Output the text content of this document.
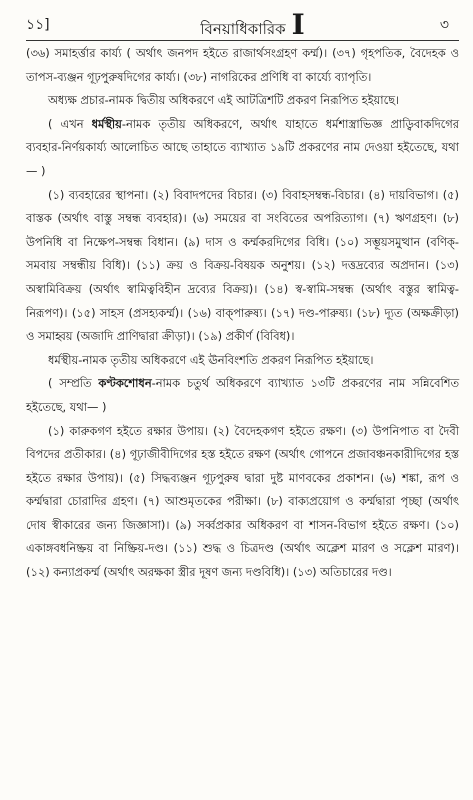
১১]	বিনয়াধিকারিক I	৩

(৩৬) সমাহর্ত্তার কার্য্য ( অর্থাৎ জনপদ হইতে রাজার্থসংগ্রহণ কর্ম্ম)। (৩৭) গৃহপতিক, বৈদেহক ও তাপস-ব্যঞ্জন গূঢ়পুরুষদিগের কার্য্য। (৩৮) নাগরিকের প্রণিধি বা কার্য্যে ব্যাপৃতি।

অধ্যক্ষ প্রচার-নামক দ্বিতীয় অধিকরণে এই আটত্রিশটি প্রকরণ নিরূপিত হইয়াছে।

( এখন ধর্মস্থীয়-নামক তৃতীয় অধিকরণে, অর্থাৎ যাহাতে ধর্মশাস্ত্রাভিজ্ঞ প্রাড্বিবাকদিগের ব্যবহার-নির্ণয়কার্য্য আলোচিত আছে তাহাতে ব্যাখ্যাত ১৯টি প্রকরণের নাম দেওয়া হইতেছে, যথা— )

(১) ব্যবহারের স্থাপনা। (২) বিবাদপদের বিচার। (৩) বিবাহসম্বন্ধ-বিচার। (৪) দায়বিভাগ। (৫) বাস্তক (অর্থাৎ বাস্তু সম্বন্ধ ব্যবহার)। (৬) সময়ের বা সংবিতের অপরিত্যাগ। (৭) ঋণগ্রহণ। (৮) উপনিধি বা নিক্ষেপ-সম্বন্ধ বিধান। (৯) দাস ও কর্ম্মকরদিগের বিধি। (১০) সম্ভূয়সমুত্থান (বণিক্-সমবায় সম্বন্ধীয় বিধি)। (১১) ক্রয় ও বিক্রয়-বিষয়ক অনুশয়। (১২) দত্তদ্রব্যের অপ্রদান। (১৩) অস্বামিবিক্রয় (অর্থাৎ স্বামিত্ববিহীন দ্রব্যের বিক্রয়)। (১৪) স্ব-স্বামি-সম্বন্ধ (অর্থাৎ বস্তুর স্বামিত্ব-নিরূপণ)। (১৫) সাহস (প্রসহ্যকর্ম্ম)। (১৬) বাক্পারুষ্য। (১৭) দণ্ড-পারুষ্য। (১৮) দ্যূত (অক্ষক্রীড়া) ও সমাহ্বয় (অজাদি প্রাণিদ্বারা ক্রীড়া)। (১৯) প্রকীর্ণ (বিবিধ)।

ধর্মস্থীয়-নামক তৃতীয় অধিকরণে এই ঊনবিংশতি প্রকরণ নিরূপিত হইয়াছে।

( সম্প্রতি কণ্টকশোধন-নামক চতুর্থ অধিকরণে ব্যাখ্যাত ১৩টি প্রকরণের নাম সন্নিবেশিত হইতেছে, যথা— )

(১) কারুকগণ হইতে রক্ষার উপায়। (২) বৈদেহকগণ হইতে রক্ষণ। (৩) উপনিপাত বা দৈবী বিপদের প্রতীকার। (৪) গূঢ়াজীবীদিগের হস্ত হইতে রক্ষণ (অর্থাৎ গোপনে প্রজাবঞ্চনকারীদিগের হস্ত হইতে রক্ষার উপায়)। (৫) সিদ্ধব্যঞ্জন গূঢ়পুরুষ দ্বারা দুষ্ট মাণবকের প্রকাশন। (৬) শঙ্কা, রূপ ও কর্ম্মদ্বারা চোরাদির গ্রহণ। (৭) আশুমৃতকের পরীক্ষা। (৮) বাক্যপ্রয়োগ ও কর্ম্মদ্বারা পৃচ্ছা (অর্থাৎ দোষ স্বীকারের জন্য জিজ্ঞাসা)। (৯) সর্ব্বপ্রকার অধিকরণ বা শাসন-বিভাগ হইতে রক্ষণ। (১০) একাঙ্গবধনিষ্ক্রয় বা নিষ্ক্রিয়-দণ্ড। (১১) শুদ্ধ ও চিত্রদণ্ড (অর্থাৎ অক্লেশ মারণ ও সক্লেশ মারণ)। (১২) কন্যাপ্রকর্ম্ম (অর্থাৎ অরক্ষকা স্ত্রীর দূষণ জন্য দণ্ডবিধি)। (১৩) অতিচারের দণ্ড।
